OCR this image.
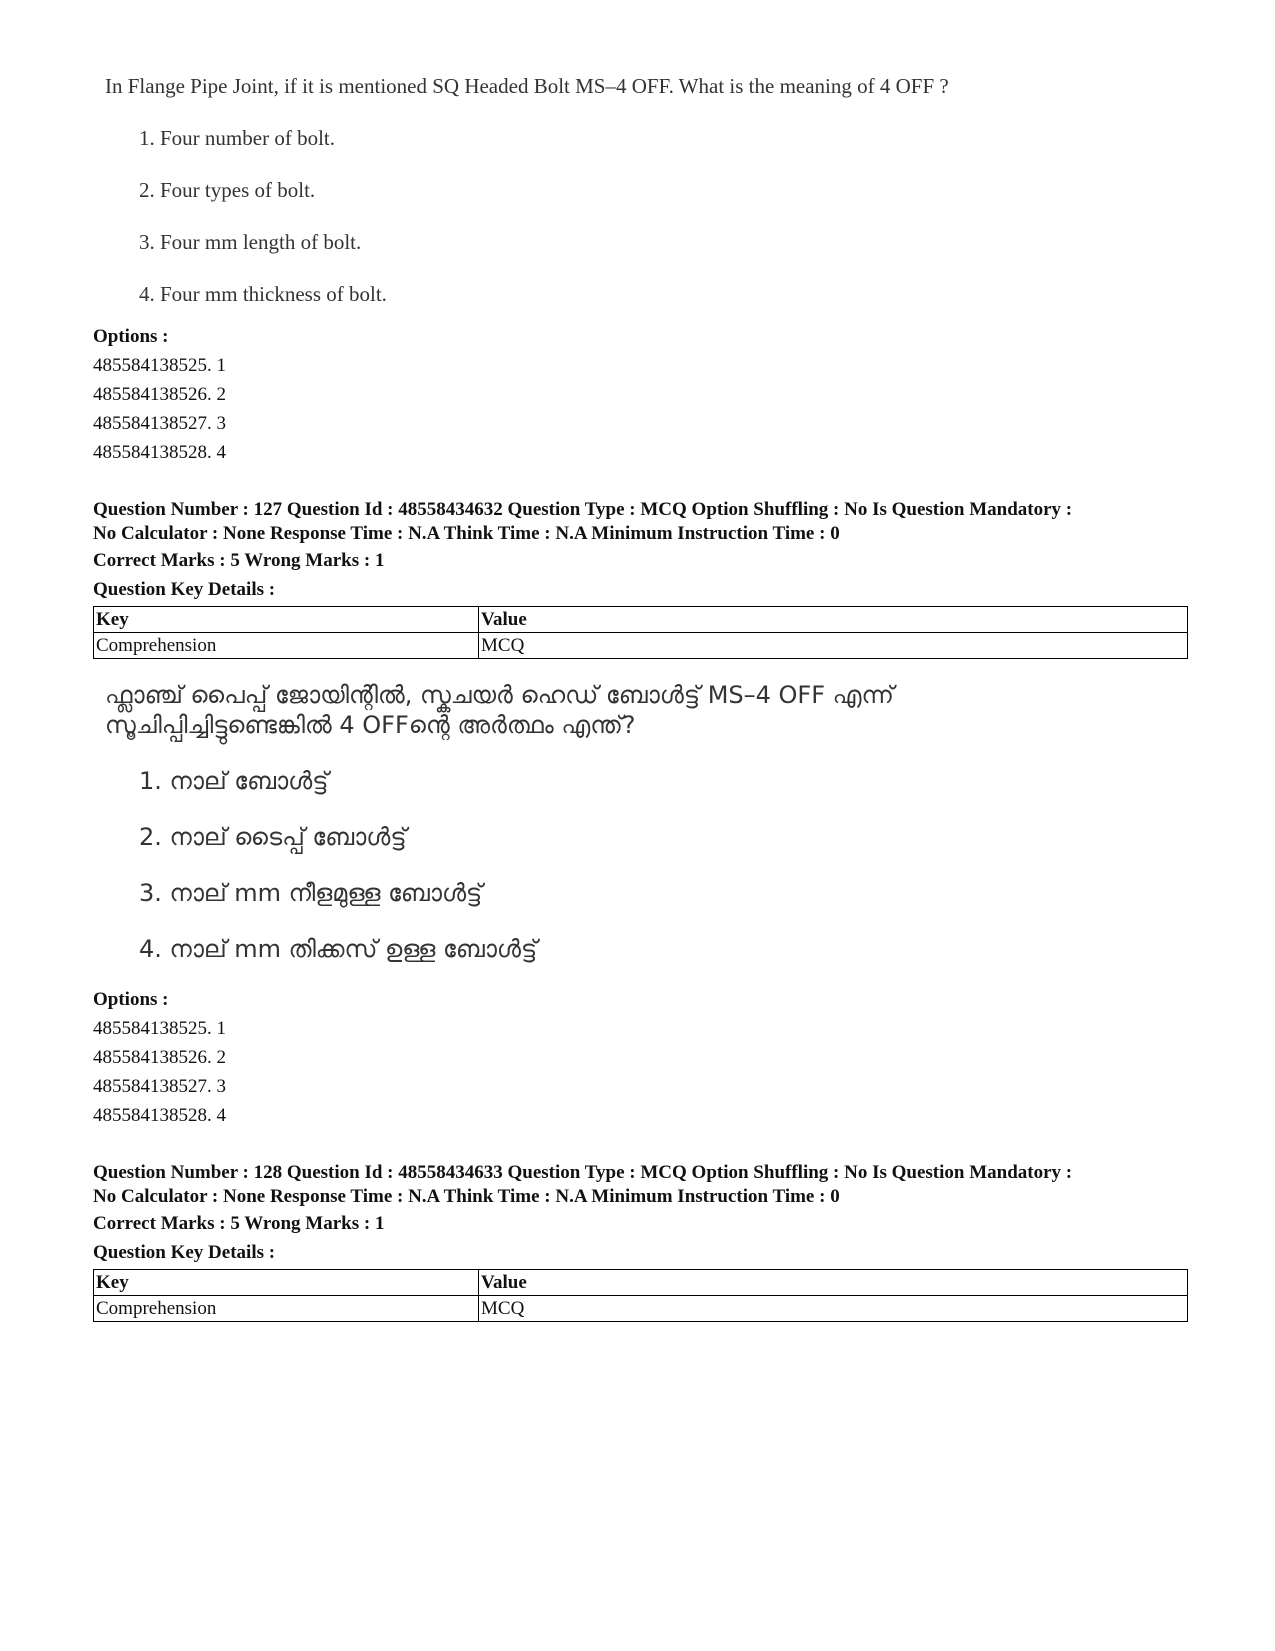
In Flange Pipe Joint, if it is mentioned SQ Headed Bolt MS–4 OFF. What is the meaning of 4 OFF ?
1. Four number of bolt.
2. Four types of bolt.
3. Four mm length of bolt.
4. Four mm thickness of bolt.
Options :
485584138525. 1
485584138526. 2
485584138527. 3
485584138528. 4
Question Number : 127 Question Id : 48558434632 Question Type : MCQ Option Shuffling : No Is Question Mandatory :
No Calculator : None Response Time : N.A Think Time : N.A Minimum Instruction Time : 0
Correct Marks : 5 Wrong Marks : 1
Question Key Details :
Key	Value
Comprehension	MCQ
ഫ്ലാഞ്ച് പൈപ്പ് ജോയിന്റിൽ, സ്കചയർ ഹെഡ് ബോൾട്ട് MS–4 OFF എന്ന്
സൂചിപ്പിച്ചിട്ടുണ്ടെങ്കിൽ 4 OFFന്റെ അർത്ഥം എന്ത്?
1. നാല് ബോൾട്ട്
2. നാല് ടൈപ്പ് ബോൾട്ട്
3. നാല് mm നീളമുള്ള ബോൾട്ട്
4. നാല് mm തിക്കസ് ഉള്ള ബോൾട്ട്
Options :
485584138525. 1
485584138526. 2
485584138527. 3
485584138528. 4
Question Number : 128 Question Id : 48558434633 Question Type : MCQ Option Shuffling : No Is Question Mandatory :
No Calculator : None Response Time : N.A Think Time : N.A Minimum Instruction Time : 0
Correct Marks : 5 Wrong Marks : 1
Question Key Details :
Key	Value
Comprehension	MCQ
